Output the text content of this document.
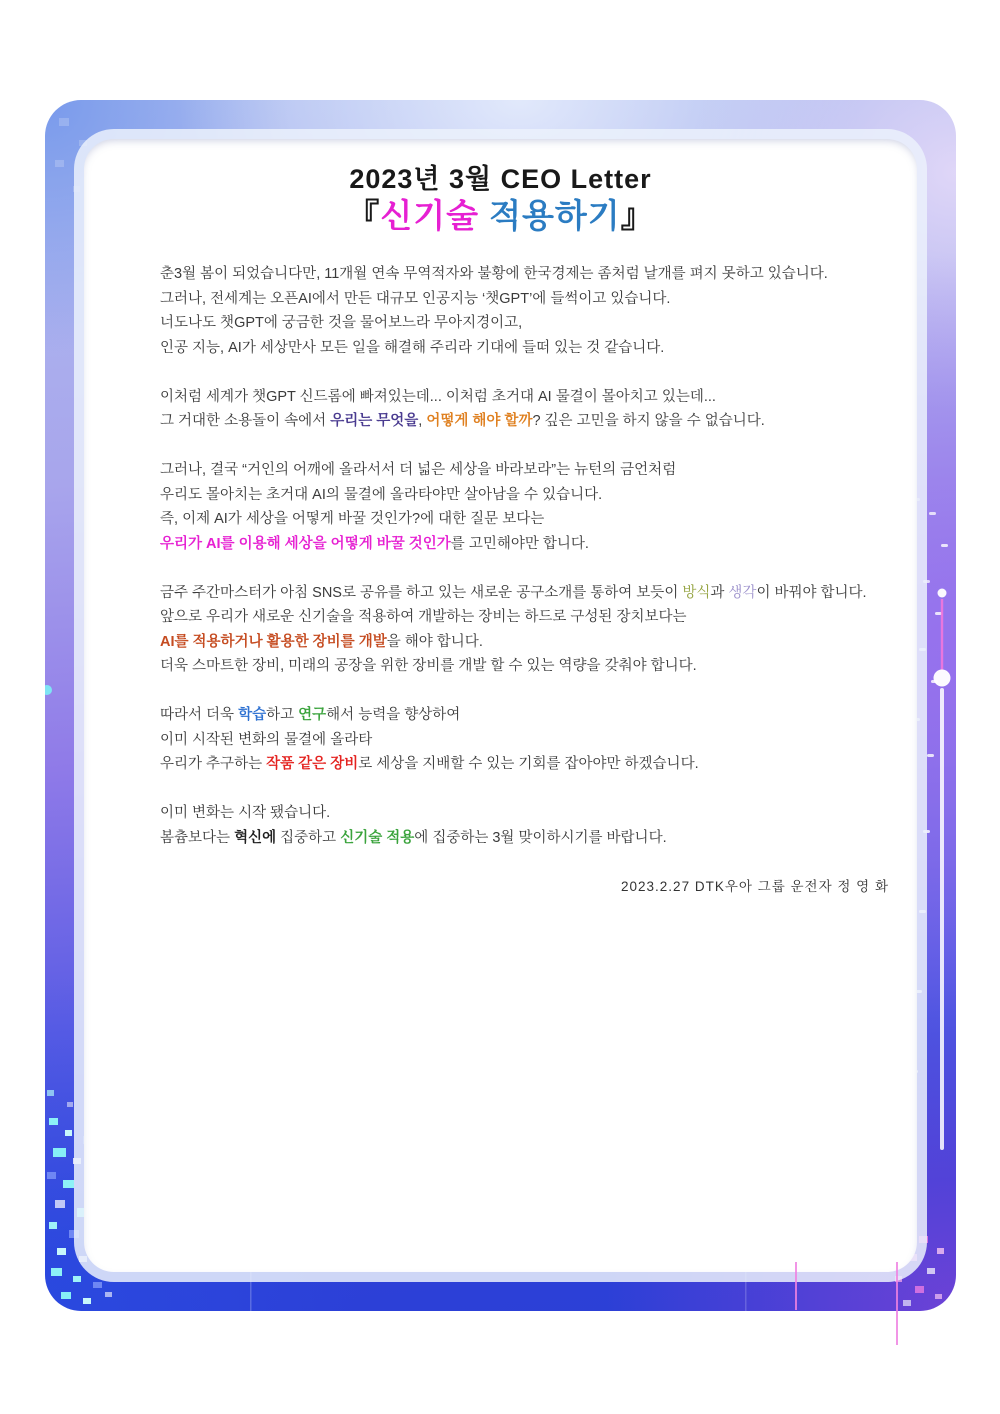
2023년 3월 CEO Letter
『신기술 적용하기』
춘3월 봄이 되었습니다만, 11개월 연속 무역적자와 불황에 한국경제는 좀처럼 날개를 펴지 못하고 있습니다.
그러나, 전세계는 오픈AI에서 만든 대규모 인공지능 ‘챗GPT’에 들썩이고 있습니다.
너도나도 챗GPT에 궁금한 것을 물어보느라 무아지경이고,
인공 지능, AI가 세상만사 모든 일을 해결해 주리라 기대에 들떠 있는 것 같습니다.
이처럼 세계가 챗GPT 신드롬에 빠져있는데... 이처럼 초거대 AI 물결이 몰아치고 있는데...
그 거대한 소용돌이 속에서 우리는 무엇을, 어떻게 해야 할까? 깊은 고민을 하지 않을 수 없습니다.
그러나, 결국 “거인의 어깨에 올라서서 더 넓은 세상을 바라보라”는 뉴턴의 금언처럼
우리도 몰아치는 초거대 AI의 물결에 올라타야만 살아남을 수 있습니다.
즉, 이제 AI가 세상을 어떻게 바꿀 것인가?에 대한 질문 보다는
우리가 AI를 이용해 세상을 어떻게 바꿀 것인가를 고민해야만 합니다.
금주 주간마스터가 아침 SNS로 공유를 하고 있는 새로운 공구소개를 통하여 보듯이 방식과 생각이 바꿔야 합니다.
앞으로 우리가 새로운 신기술을 적용하여 개발하는 장비는 하드로 구성된 장치보다는
AI를 적용하거나 활용한 장비를 개발을 해야 합니다.
더욱 스마트한 장비, 미래의 공장을 위한 장비를 개발 할 수 있는 역량을 갖춰야 합니다.
따라서 더욱 학습하고 연구해서 능력을 향상하여
이미 시작된 변화의 물결에 올라타
우리가 추구하는 작품 같은 장비로 세상을 지배할 수 있는 기회를 잡아야만 하겠습니다.
이미 변화는 시작 됐습니다.
봄츔보다는 혁신에 집중하고 신기술 적용에 집중하는 3월 맞이하시기를 바랍니다.
2023.2.27 DTK우아 그룹 운전자 정 영 화
